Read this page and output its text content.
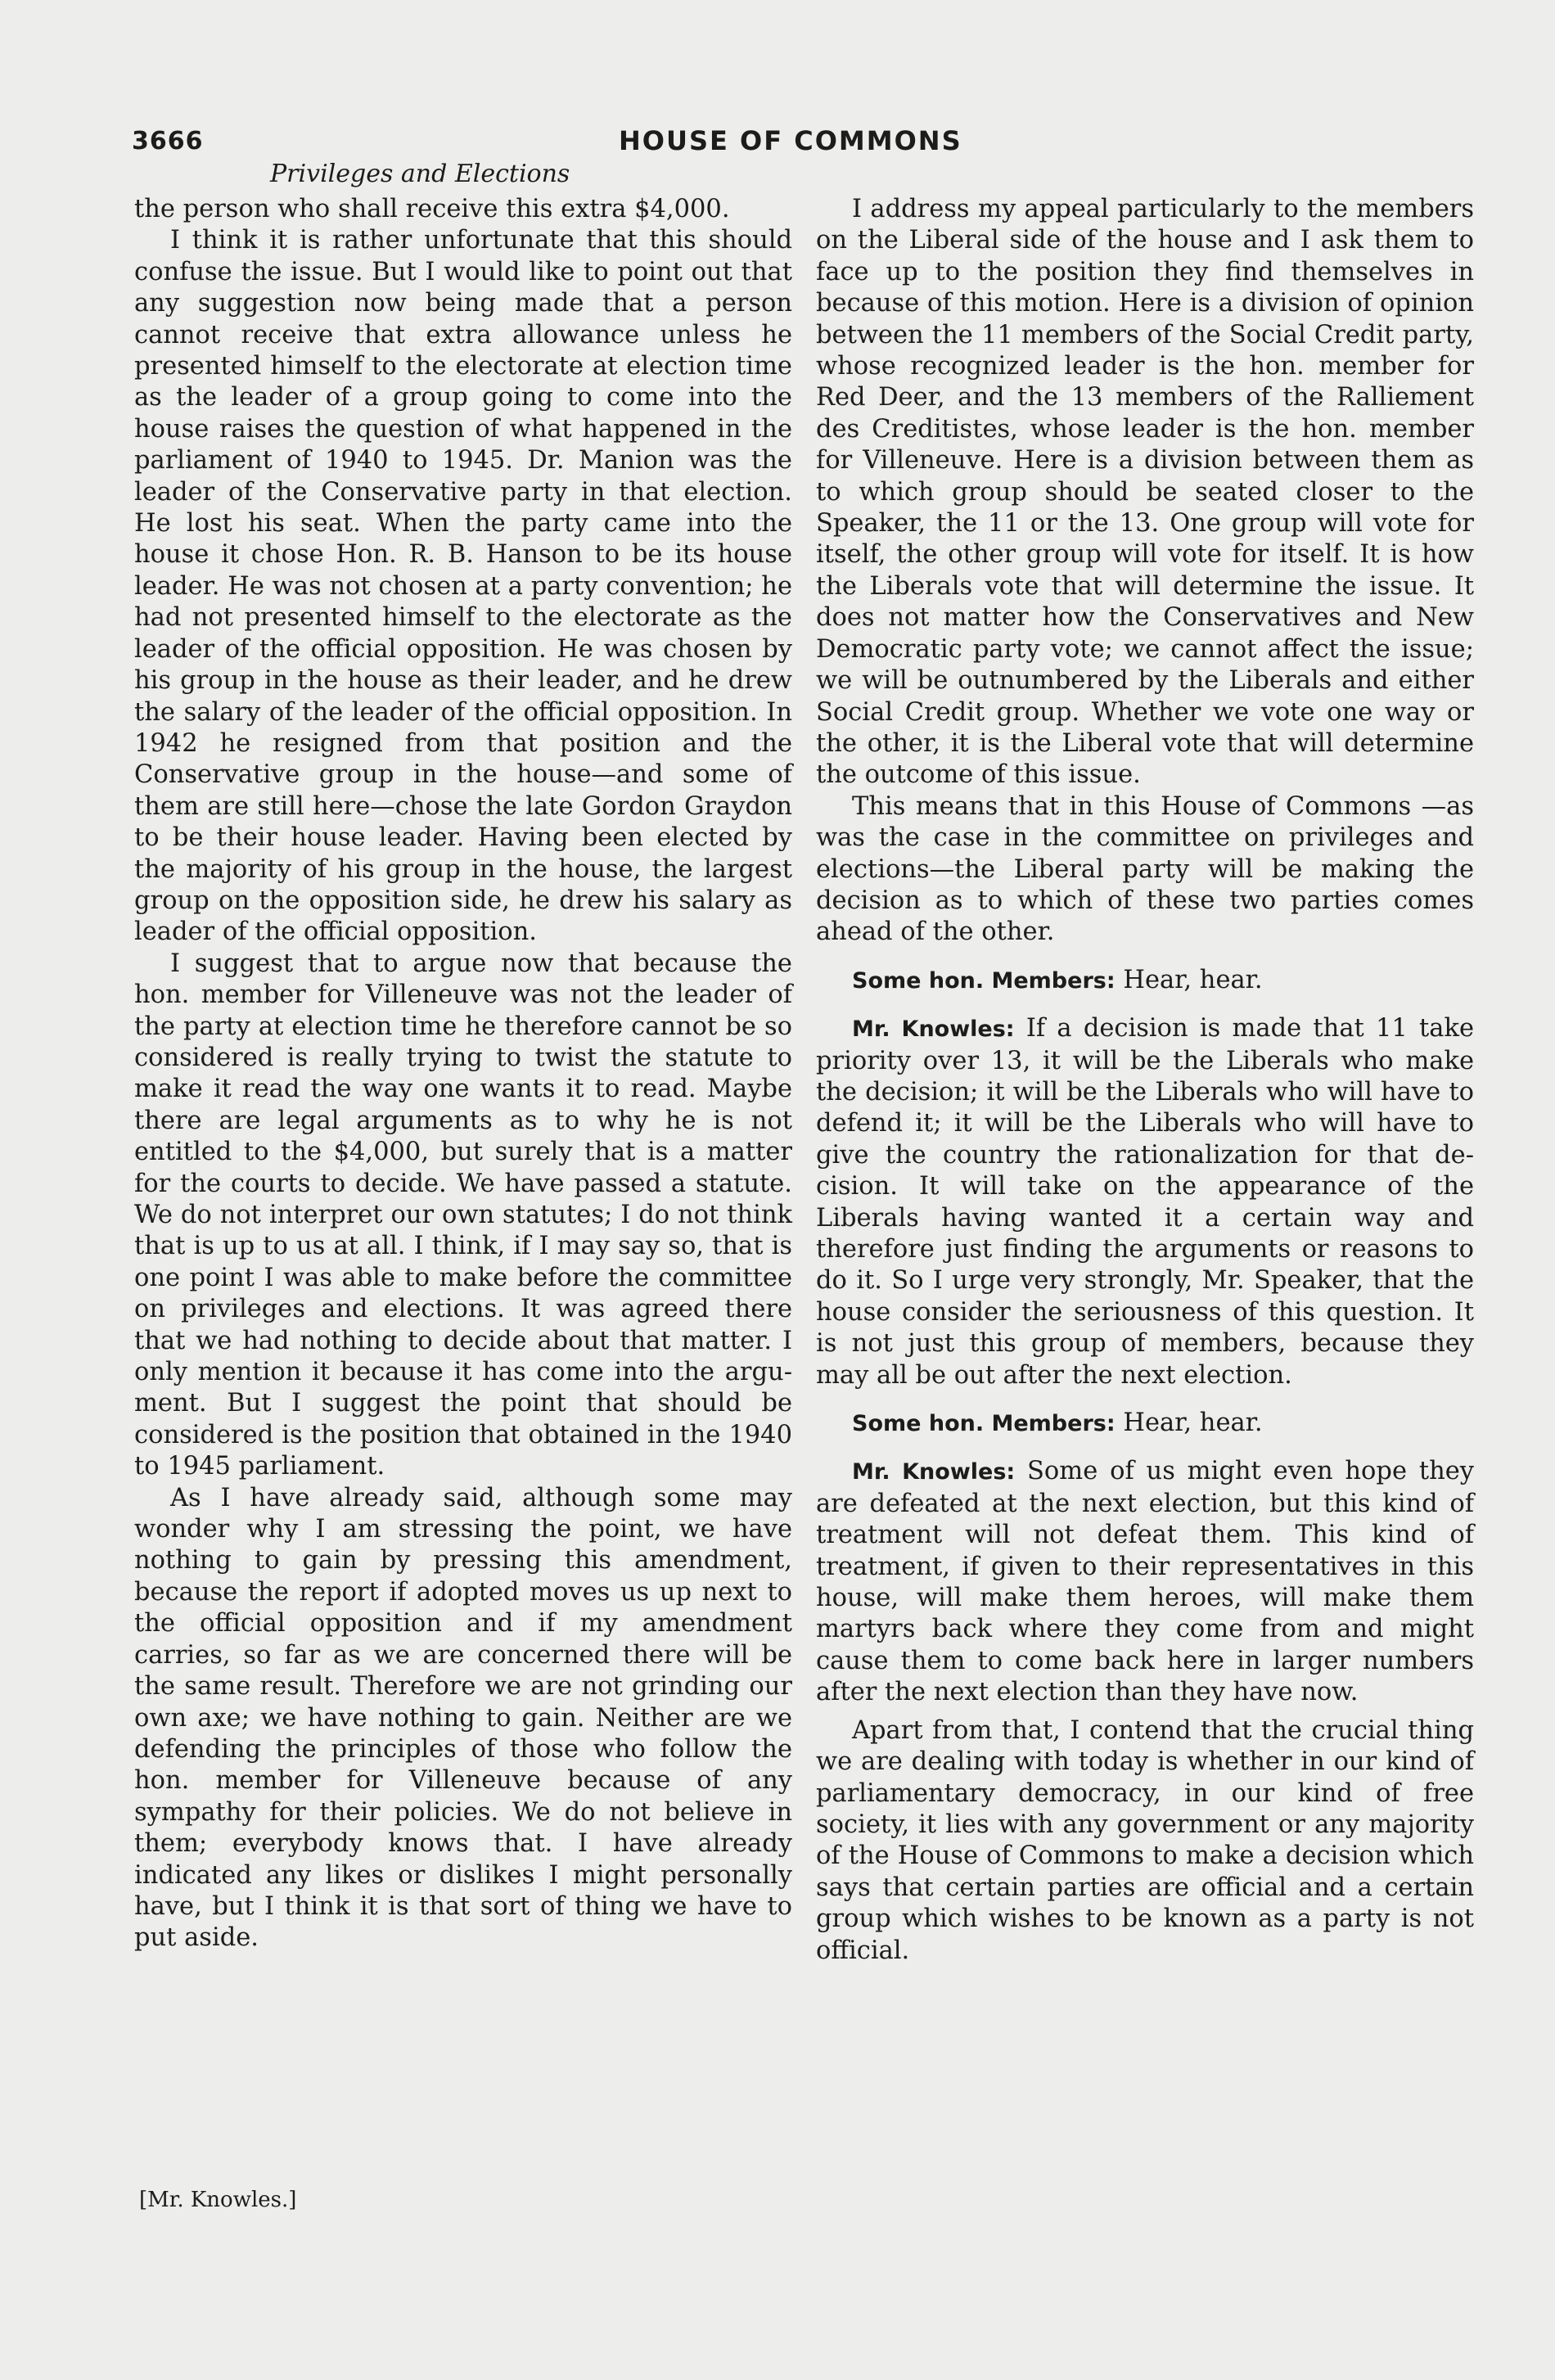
3666	HOUSE OF COMMONS
Privileges and Elections

the person who shall receive this extra $4,000.

I think it is rather unfortunate that this should confuse the issue. But I would like to point out that any suggestion now being made that a person cannot receive that extra allowance unless he presented himself to the electorate at election time as the leader of a group going to come into the house raises the question of what happened in the parliament of 1940 to 1945. Dr. Manion was the leader of the Conservative party in that election. He lost his seat. When the party came into the house it chose Hon. R. B. Hanson to be its house leader. He was not chosen at a party convention; he had not presented himself to the electorate as the leader of the official opposition. He was chosen by his group in the house as their leader, and he drew the salary of the leader of the official opposition. In 1942 he resigned from that position and the Conservative group in the house—and some of them are still here—chose the late Gordon Graydon to be their house leader. Having been elected by the majority of his group in the house, the largest group on the opposition side, he drew his salary as leader of the official opposition.

I suggest that to argue now that because the hon. member for Villeneuve was not the leader of the party at election time he therefore cannot be so considered is really trying to twist the statute to make it read the way one wants it to read. Maybe there are legal arguments as to why he is not entitled to the $4,000, but surely that is a matter for the courts to decide. We have passed a statute. We do not interpret our own statutes; I do not think that is up to us at all. I think, if I may say so, that is one point I was able to make before the committee on privileges and elections. It was agreed there that we had nothing to decide about that matter. I only mention it because it has come into the argument. But I suggest the point that should be considered is the position that obtained in the 1940 to 1945 parliament.

As I have already said, although some may wonder why I am stressing the point, we have nothing to gain by pressing this amendment, because the report if adopted moves us up next to the official opposition and if my amendment carries, so far as we are concerned there will be the same result. Therefore we are not grinding our own axe; we have nothing to gain. Neither are we defending the principles of those who follow the hon. member for Villeneuve because of any sympathy for their policies. We do not believe in them; everybody knows that. I have already indicated any likes or dislikes I might personally have, but I think it is that sort of thing we have to put aside.

I address my appeal particularly to the members on the Liberal side of the house and I ask them to face up to the position they find themselves in because of this motion. Here is a division of opinion between the 11 members of the Social Credit party, whose recognized leader is the hon. member for Red Deer, and the 13 members of the Ralliement des Creditistes, whose leader is the hon. member for Villeneuve. Here is a division between them as to which group should be seated closer to the Speaker, the 11 or the 13. One group will vote for itself, the other group will vote for itself. It is how the Liberals vote that will determine the issue. It does not matter how the Conservatives and New Democratic party vote; we cannot affect the issue; we will be outnumbered by the Liberals and either Social Credit group. Whether we vote one way or the other, it is the Liberal vote that will determine the outcome of this issue.

This means that in this House of Commons —as was the case in the committee on privileges and elections—the Liberal party will be making the decision as to which of these two parties comes ahead of the other.

Some hon. Members: Hear, hear.

Mr. Knowles: If a decision is made that 11 take priority over 13, it will be the Liberals who make the decision; it will be the Liberals who will have to defend it; it will be the Liberals who will have to give the country the rationalization for that decision. It will take on the appearance of the Liberals having wanted it a certain way and therefore just finding the arguments or reasons to do it. So I urge very strongly, Mr. Speaker, that the house consider the seriousness of this question. It is not just this group of members, because they may all be out after the next election.

Some hon. Members: Hear, hear.

Mr. Knowles: Some of us might even hope they are defeated at the next election, but this kind of treatment will not defeat them. This kind of treatment, if given to their representatives in this house, will make them heroes, will make them martyrs back where they come from and might cause them to come back here in larger numbers after the next election than they have now.

Apart from that, I contend that the crucial thing we are dealing with today is whether in our kind of parliamentary democracy, in our kind of free society, it lies with any government or any majority of the House of Commons to make a decision which says that certain parties are official and a certain group which wishes to be known as a party is not official.

[Mr. Knowles.]
